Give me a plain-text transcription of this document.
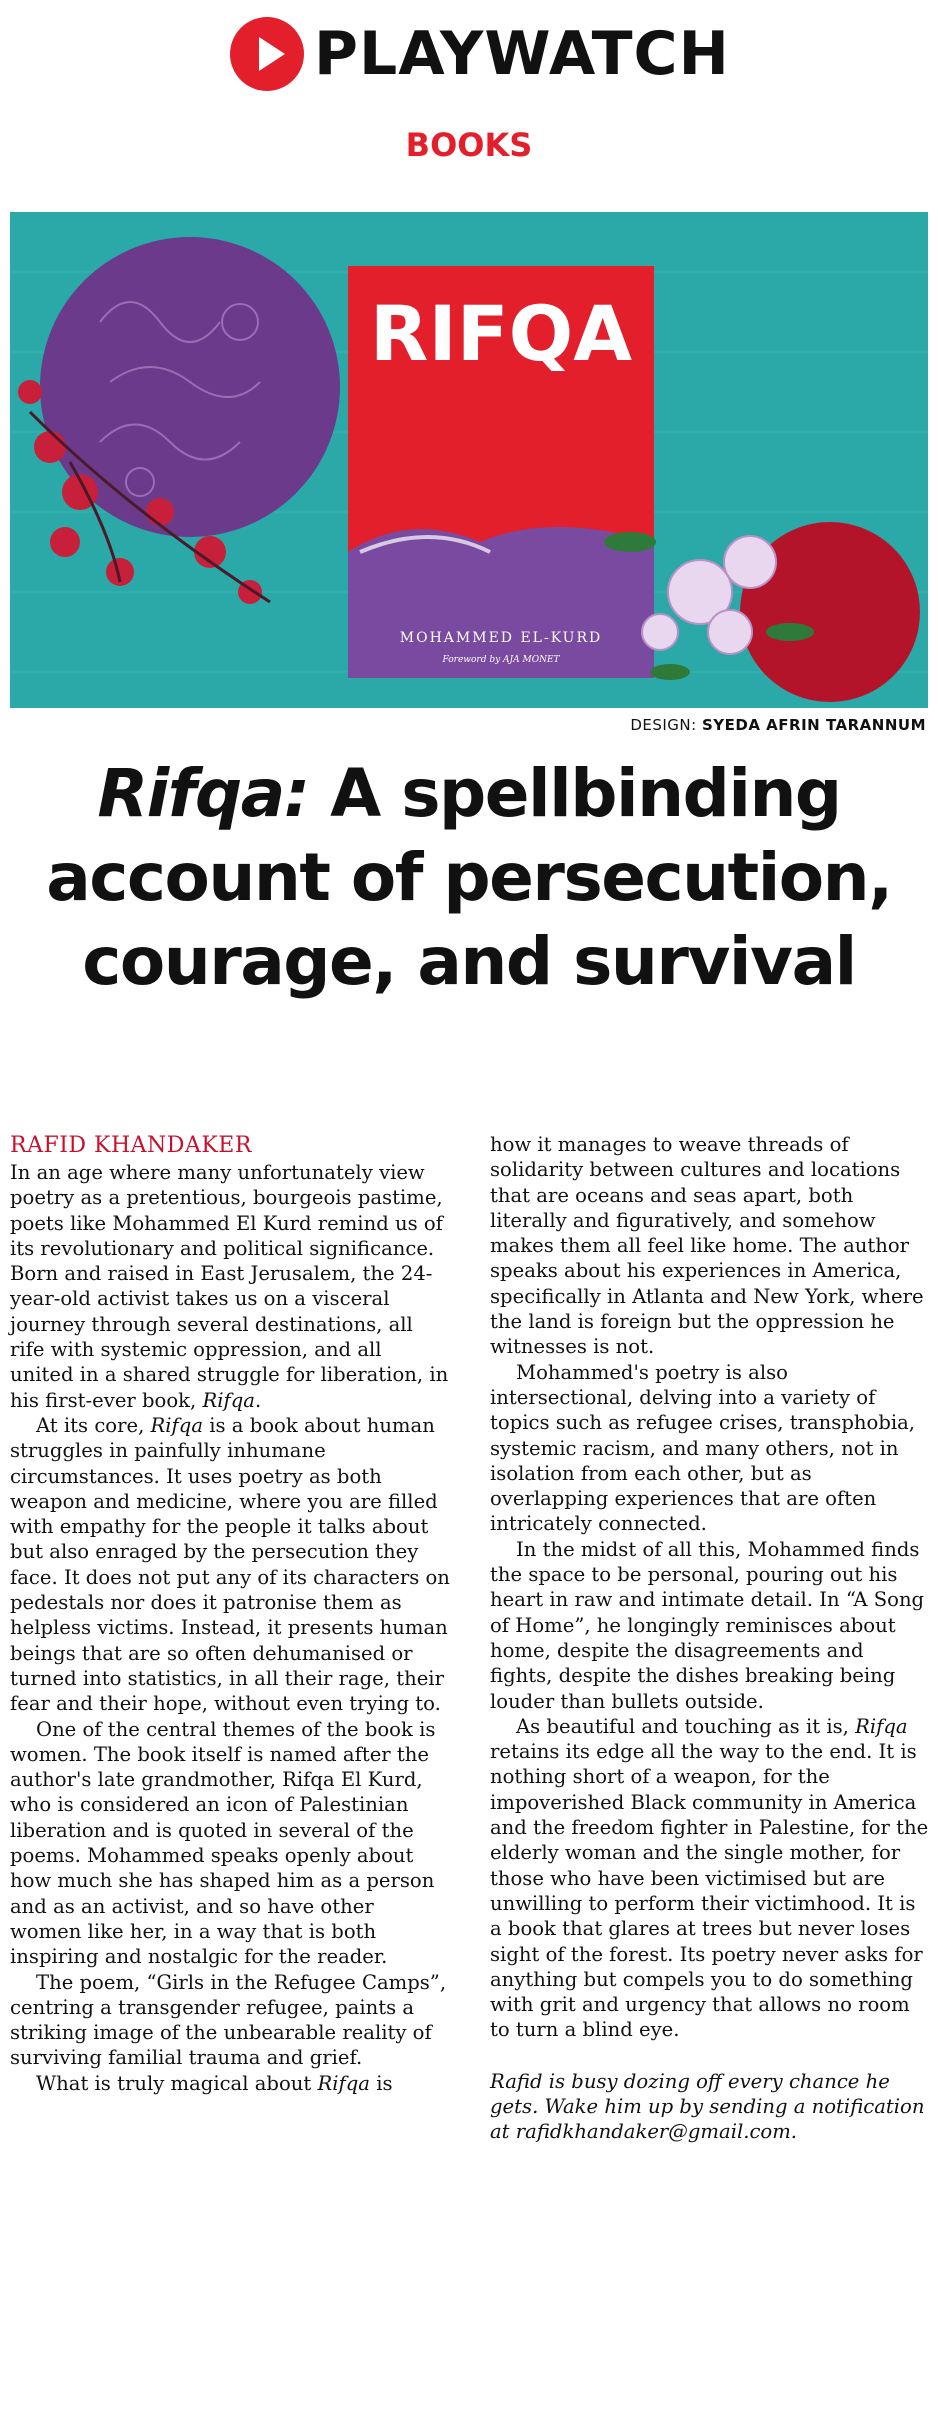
PLAYWATCH
BOOKS
RIFQA
MOHAMMED EL-KURD
Foreword by AJA MONET
DESIGN: SYEDA AFRIN TARANNUM
Rifqa: A spellbinding
account of persecution,
courage, and survival

RAFID KHANDAKER

In an age where many unfortunately view poetry as a pretentious, bourgeois pastime, poets like Mohammed El Kurd remind us of its revolutionary and political significance. Born and raised in East Jerusalem, the 24-year-old activist takes us on a visceral journey through several destinations, all rife with systemic oppression, and all united in a shared struggle for liberation, in his first-ever book, Rifqa.

At its core, Rifqa is a book about human struggles in painfully inhumane circumstances. It uses poetry as both weapon and medicine, where you are filled with empathy for the people it talks about but also enraged by the persecution they face. It does not put any of its characters on pedestals nor does it patronise them as helpless victims. Instead, it presents human beings that are so often dehumanised or turned into statistics, in all their rage, their fear and their hope, without even trying to.

One of the central themes of the book is women. The book itself is named after the author's late grandmother, Rifqa El Kurd, who is considered an icon of Palestinian liberation and is quoted in several of the poems. Mohammed speaks openly about how much she has shaped him as a person and as an activist, and so have other women like her, in a way that is both inspiring and nostalgic for the reader.

The poem, “Girls in the Refugee Camps”, centring a transgender refugee, paints a striking image of the unbearable reality of surviving familial trauma and grief.

What is truly magical about Rifqa is

how it manages to weave threads of solidarity between cultures and locations that are oceans and seas apart, both literally and figuratively, and somehow makes them all feel like home. The author speaks about his experiences in America, specifically in Atlanta and New York, where the land is foreign but the oppression he witnesses is not.

Mohammed's poetry is also intersectional, delving into a variety of topics such as refugee crises, transphobia, systemic racism, and many others, not in isolation from each other, but as overlapping experiences that are often intricately connected.

In the midst of all this, Mohammed finds the space to be personal, pouring out his heart in raw and intimate detail. In “A Song of Home”, he longingly reminisces about home, despite the disagreements and fights, despite the dishes breaking being louder than bullets outside.

As beautiful and touching as it is, Rifqa retains its edge all the way to the end. It is nothing short of a weapon, for the impoverished Black community in America and the freedom fighter in Palestine, for the elderly woman and the single mother, for those who have been victimised but are unwilling to perform their victimhood. It is a book that glares at trees but never loses sight of the forest. Its poetry never asks for anything but compels you to do something with grit and urgency that allows no room to turn a blind eye.

Rafid is busy dozing off every chance he gets. Wake him up by sending a notification at rafidkhandaker@gmail.com.
